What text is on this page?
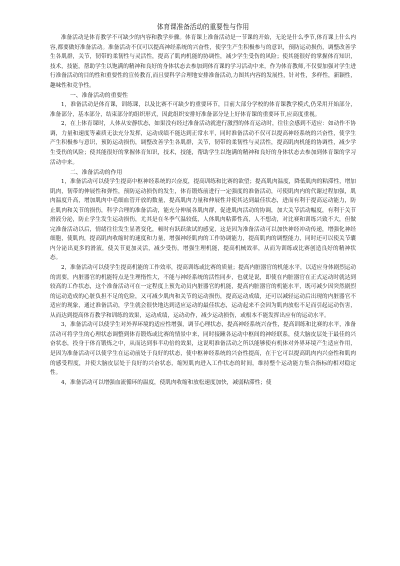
体育课准备活动的重要性与作用

准备活动是体育教学不可缺少的内容和教学步骤。体育课上准备活动是一节课的开始，无论是什么季节,体育课上什么内容,都要做好准备活动。准备活动不仅可以提高神经系统的兴奋性，使学生产生积极参与的意识，预防运动损伤，调整改善学生各肌群，关节，韧带的柔韧性与灵活性，提高了肌肉机能的协调性，减少学生受伤的风险；使其能很好的掌握体育知识，技术，技能，帮助学生以饱满的精神和良好的身体状态去参加到体育课的学习活动中来，作为体育教师,不仅要加强对学生进行准备活动的目的性和重要性的宣传教育,而且要科学合理地安排准备活动,力图其内容的发展性，针对性，多样性，新颖性，趣味性和竞争性。

一、准备活动的重要性

1，准备活动是体育课，训练课，以及比赛不可缺少的重要环节，目前大部分学校的体育课教学模式,仍采用开始部分，准备部分，基本部分，结束部分的组织形式，因此组织安排好准备部分是上好体育课的重要环节,应高度重视。

2，在上体育课时，人体从安静状态，如果没有经过准备活动就进行激烈的体育运动时，往往会感到不适应：如动作不协调，力量和速度等素质无法充分发挥，运动成绩不能达到正常水平，同时准备活动不仅可以提高神经系统的兴奋性，使学生产生积极参与意识，预防运动损伤，调整改善学生各肌群，关节，韧带的柔韧性与灵活性，提高肌肉机能的协调性，减少学生受伤的风险；使其能很好的掌握体育知识，技术，技能，帮助学生以饱满的精神和良好的身体状态去参加到体育课的学习活动中来。

二、准备活动的作用

1，准备活动可以使学生提高中枢神经系统的兴奋度，提高训练和比赛的欲望；提高肌肉温度，降低肌肉的粘滞性，增加肌肉，韧带的伸展性和弹性，预防运动损伤的发生，体育锻炼前进行一定强度的准备活动，可使肌肉内的代谢过程加强，肌肉温度升高，增加肌肉中毛细血管开放的数量，提高肌肉力量和伸展性并使其达到最佳状态，进而有利于提高运动能力，防止肌肉和关节的损伤，科学合理的准备活动，能充分伸展各肌肉群，促进肌肉活动的协调，加大关节活动幅度，有利于关节滑液分泌，防止学生发生运动损伤，尤其是在冬季气温较低，人体肌肉粘滞性高，人不想动，对比赛和训练兴致不大，但做完准备活动以后，情绪往往发生显著变化，顿时有跃跃欲试的感觉，这是因为准备活动可以加快神经冲动传递，增强化神经细胞，使肌肉，提高肌肉收缩时的速度和力量，增强神经肌肉的工作协调能力，提高肌肉的调整能力，同时还可以使关节囊内分泌出更多的滑液，使关节更加灵活，减少受伤，增强生理机能，提高机械效率，从而为训练或比赛创造良好的精神状态。

2，准备活动可以使学生提高机能的工作效率，提高训练或比赛的质量；提高内脏器官的机能水平，以适应身体剧烈运动的需要，内脏器官的机能特点是生理惰性大，不能与神经系统的活性同步，也就是说，即使在内脏器官在正式运动时就达到较高的工作状态，这个准备活动可在一定程度上预先动员内脏器官的机能，提高内脏器官的机能水平，既可减少因突然剧烈的运动造成的心脏负担不足的危险，又可减少肌肉和关节的运动损伤，提高运动成绩，还可以减轻运动后出现的内脏器官不适应的现象，通过准备活动，学生就会很快地达到适应运动的最佳状态，运动起来不会因为肌肉放松不足而引起运动伤害，从而达到提高体育教学和训练的效果，运动成绩，运动动作，减少运动损伤，或根本不能发挥出应有的运动水平。

3，准备活动可以使学生对外界环境的适应性增强，调节心理状态，提高神经系统兴奋性，提高训练和比赛的水平，准备活动可将学生的心理状态调整到体育锻炼或比赛的情景中来，同时接踵各运动中枢间的神经联系，使大脑皮层处于最佳的兴奋状态，投身于体育锻炼之中，从而达到事半功倍的效果，这说明准备活动之所以能够使有机体对外界环境产生适应作用，是因为准备活动可以使学生在运动前处于良好的状态，使中枢神经系统的兴奋性提高，在于它可以提高肌肉内兴奋性和肌肉的感受程度，并使大脑皮层处于良好的兴奋状态，缩短肌肉进入工作状态的时间，维持整个运动能力集合指标的相对稳定性。

4，准备活动可以增强血流循环的温度，使肌肉收缩和放松速度加快，减弱粘滞性；使
